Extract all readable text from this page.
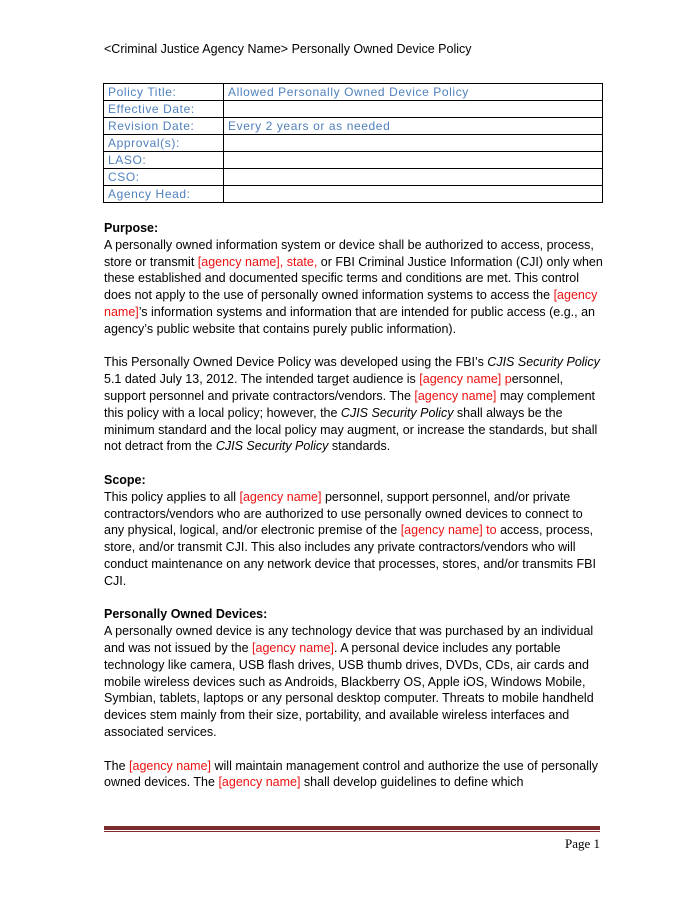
<Criminal Justice Agency Name> Personally Owned Device Policy
Policy Title:	Allowed Personally Owned Device Policy
Effective Date:	
Revision Date:	Every 2 years or as needed
Approval(s):	
LASO:	
CSO:	
Agency Head:	
Purpose:

A personally owned information system or device shall be authorized to access, process, store or transmit [agency name], state, or FBI Criminal Justice Information (CJI) only when these established and documented specific terms and conditions are met. This control does not apply to the use of personally owned information systems to access the [agency name]’s information systems and information that are intended for public access (e.g., an agency’s public website that contains purely public information).

This Personally Owned Device Policy was developed using the FBI’s CJIS Security Policy 5.1 dated July 13, 2012. The intended target audience is [agency name] personnel, support personnel and private contractors/vendors. The [agency name] may complement this policy with a local policy; however, the CJIS Security Policy shall always be the minimum standard and the local policy may augment, or increase the standards, but shall not detract from the CJIS Security Policy standards.

Scope:

This policy applies to all [agency name] personnel, support personnel, and/or private contractors/vendors who are authorized to use personally owned devices to connect to any physical, logical, and/or electronic premise of the [agency name] to access, process, store, and/or transmit CJI. This also includes any private contractors/vendors who will conduct maintenance on any network device that processes, stores, and/or transmits FBI CJI.

Personally Owned Devices:

A personally owned device is any technology device that was purchased by an individual and was not issued by the [agency name]. A personal device includes any portable technology like camera, USB flash drives, USB thumb drives, DVDs, CDs, air cards and mobile wireless devices such as Androids, Blackberry OS, Apple iOS, Windows Mobile, Symbian, tablets, laptops or any personal desktop computer. Threats to mobile handheld devices stem mainly from their size, portability, and available wireless interfaces and associated services.

The [agency name] will maintain management control and authorize the use of personally owned devices. The [agency name] shall develop guidelines to define which

Page 1
